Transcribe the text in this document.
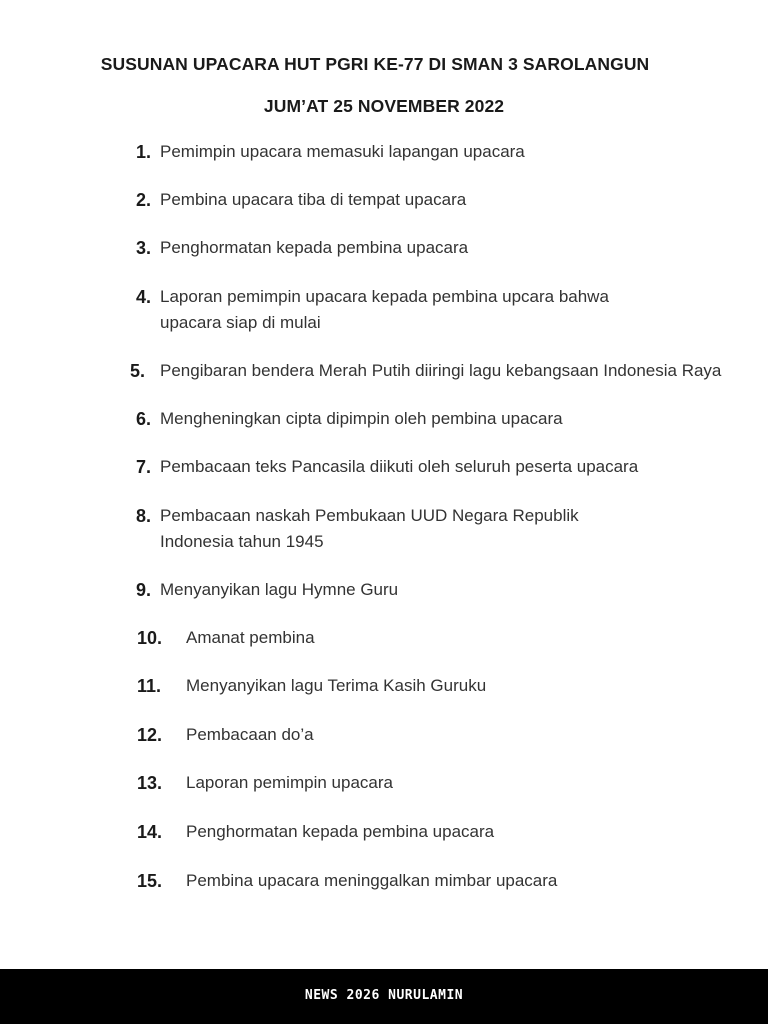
SUSUNAN UPACARA HUT PGRI KE-77 DI SMAN 3 SAROLANGUN
JUM’AT 25 NOVEMBER 2022
1. Pemimpin upacara memasuki lapangan upacara
2. Pembina upacara tiba di tempat upacara
3. Penghormatan kepada pembina upacara
4. Laporan pemimpin upacara kepada pembina upcara bahwa
upacara siap di mulai
5. Pengibaran bendera Merah Putih diiringi lagu kebangsaan Indonesia Raya
6. Mengheningkan cipta dipimpin oleh pembina upacara
7. Pembacaan teks Pancasila diikuti oleh seluruh peserta upacara
8. Pembacaan naskah Pembukaan UUD Negara Republik
Indonesia tahun 1945
9. Menyanyikan lagu Hymne Guru
10. Amanat pembina
11. Menyanyikan lagu Terima Kasih Guruku
12. Pembacaan do’a
13. Laporan pemimpin upacara
14. Penghormatan kepada pembina upacara
15. Pembina upacara meninggalkan mimbar upacara
NEWS 2026 NURULAMIN
